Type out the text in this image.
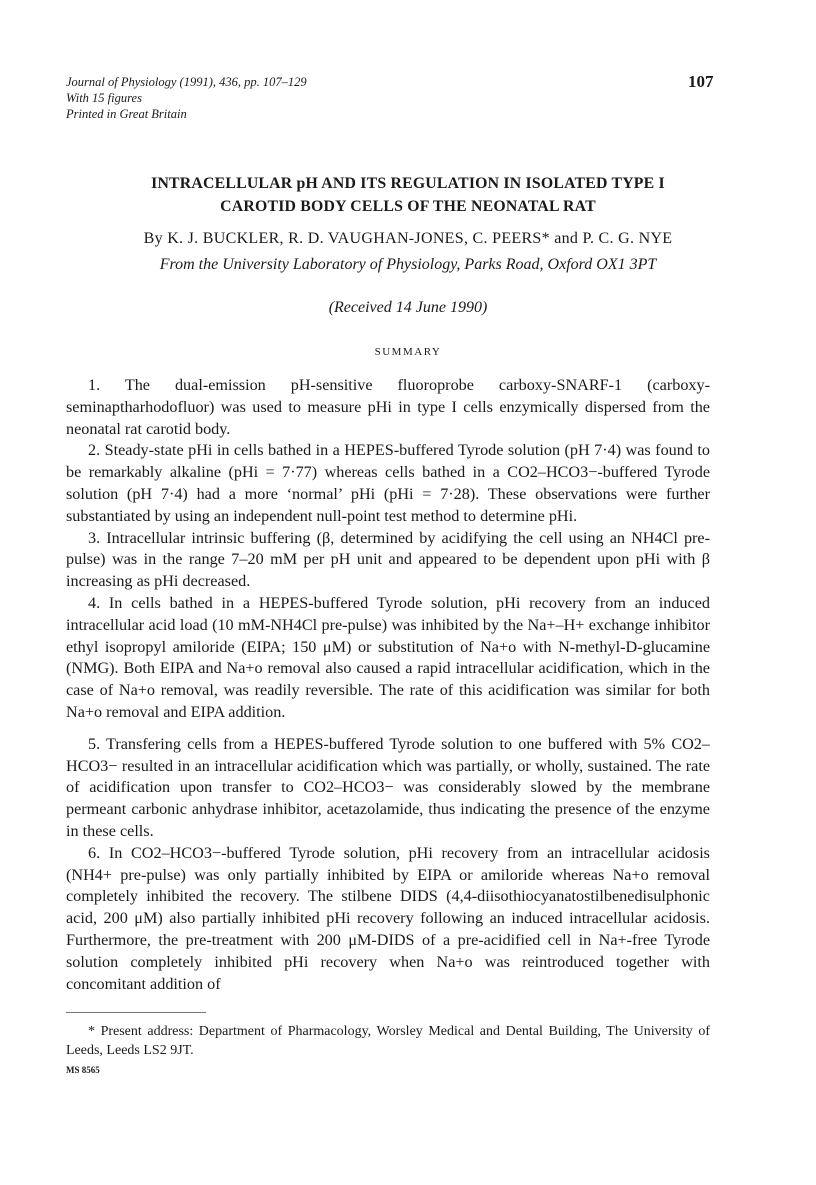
Journal of Physiology (1991), 436, pp. 107–129
With 15 figures
Printed in Great Britain
107
INTRACELLULAR pH AND ITS REGULATION IN ISOLATED TYPE I
CAROTID BODY CELLS OF THE NEONATAL RAT
By K. J. BUCKLER, R. D. VAUGHAN-JONES, C. PEERS* and P. C. G. NYE
From the University Laboratory of Physiology, Parks Road, Oxford OX1 3PT
(Received 14 June 1990)
SUMMARY

1. The dual-emission pH-sensitive fluoroprobe carboxy-SNARF-1 (carboxy-seminaptharhodofluor) was used to measure pHi in type I cells enzymically dispersed from the neonatal rat carotid body.

2. Steady-state pHi in cells bathed in a HEPES-buffered Tyrode solution (pH 7·4) was found to be remarkably alkaline (pHi = 7·77) whereas cells bathed in a CO2–HCO3−-buffered Tyrode solution (pH 7·4) had a more ‘normal’ pHi (pHi = 7·28). These observations were further substantiated by using an independent null-point test method to determine pHi.

3. Intracellular intrinsic buffering (β, determined by acidifying the cell using an NH4Cl pre-pulse) was in the range 7–20 mM per pH unit and appeared to be dependent upon pHi with β increasing as pHi decreased.

4. In cells bathed in a HEPES-buffered Tyrode solution, pHi recovery from an induced intracellular acid load (10 mM-NH4Cl pre-pulse) was inhibited by the Na+–H+ exchange inhibitor ethyl isopropyl amiloride (EIPA; 150 μM) or substitution of Na+o with N-methyl-D-glucamine (NMG). Both EIPA and Na+o removal also caused a rapid intracellular acidification, which in the case of Na+o removal, was readily reversible. The rate of this acidification was similar for both Na+o removal and EIPA addition.

5. Transfering cells from a HEPES-buffered Tyrode solution to one buffered with 5% CO2–HCO3− resulted in an intracellular acidification which was partially, or wholly, sustained. The rate of acidification upon transfer to CO2–HCO3− was considerably slowed by the membrane permeant carbonic anhydrase inhibitor, acetazolamide, thus indicating the presence of the enzyme in these cells.

6. In CO2–HCO3−-buffered Tyrode solution, pHi recovery from an intracellular acidosis (NH4+ pre-pulse) was only partially inhibited by EIPA or amiloride whereas Na+o removal completely inhibited the recovery. The stilbene DIDS (4,4-diisothiocyanatostilbenedisulphonic acid, 200 μM) also partially inhibited pHi recovery following an induced intracellular acidosis. Furthermore, the pre-treatment with 200 μM-DIDS of a pre-acidified cell in Na+-free Tyrode solution completely inhibited pHi recovery when Na+o was reintroduced together with concomitant addition of

* Present address: Department of Pharmacology, Worsley Medical and Dental Building, The University of Leeds, Leeds LS2 9JT.

MS 8565
